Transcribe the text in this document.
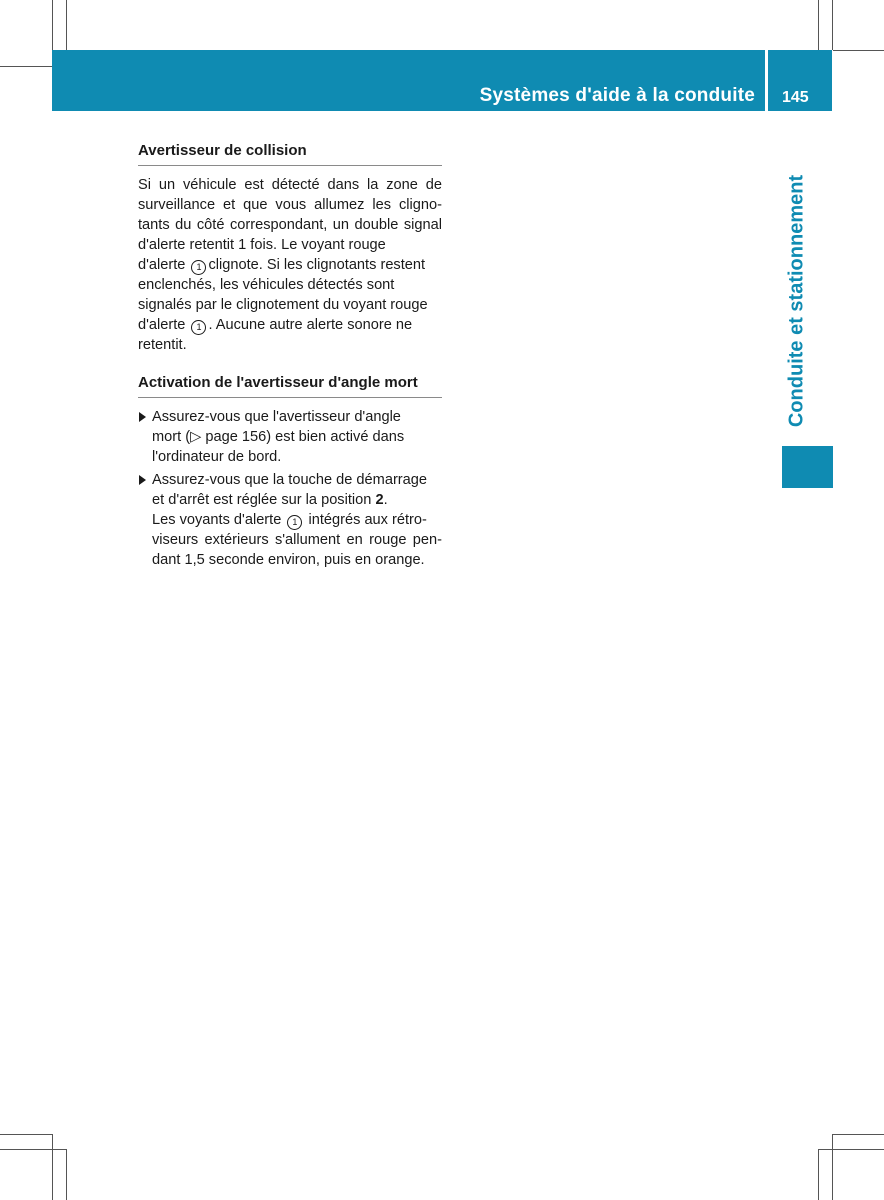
Systèmes d'aide à la conduite 145
Conduite et stationnement
Avertisseur de collision
Si un véhicule est détecté dans la zone de
surveillance et que vous allumez les cligno-
tants du côté correspondant, un double signal
d'alerte retentit 1 fois. Le voyant rouge
d'alerte 1 clignote. Si les clignotants restent
enclenchés, les véhicules détectés sont
signalés par le clignotement du voyant rouge
d'alerte 1 . Aucune autre alerte sonore ne
retentit.
Activation de l'avertisseur d'angle mort
Assurez-vous que l'avertisseur d'angle
mort (▷ page 156) est bien activé dans
l'ordinateur de bord.
Assurez-vous que la touche de démarrage
et d'arrêt est réglée sur la position 2.
Les voyants d'alerte 1 intégrés aux rétro-
viseurs extérieurs s'allument en rouge pen-
dant 1,5 seconde environ, puis en orange.
